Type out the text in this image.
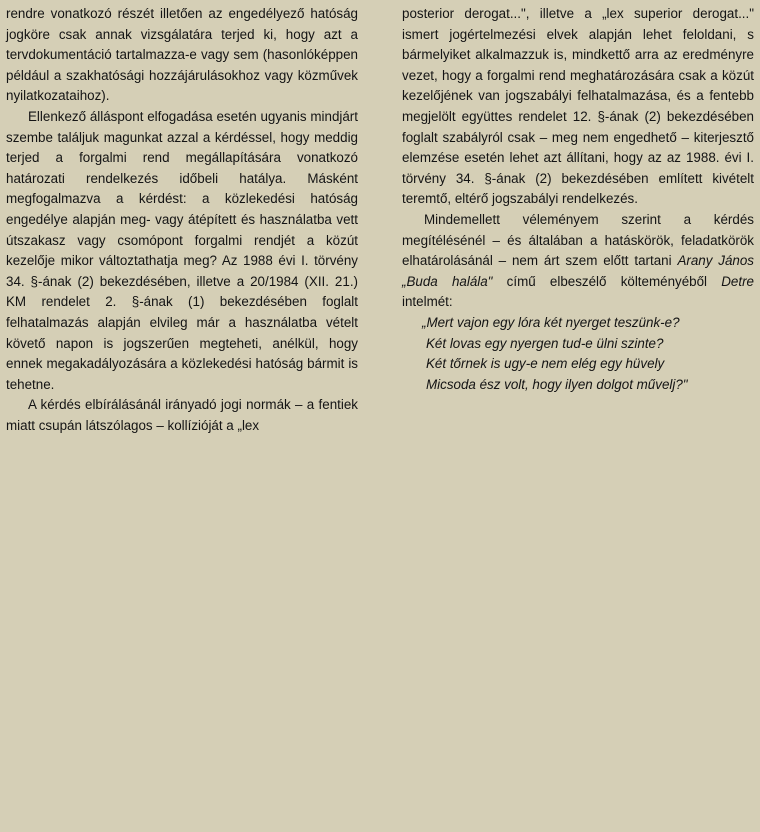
rendre vonatkozó részét illetően az engedélyező hatóság jogköre csak annak vizsgálatára terjed ki, hogy azt a tervdokumentáció tartalmazza-e vagy sem (hasonlóképpen például a szakhatósági hozzájárulásokhoz vagy közművek nyilatkozataihoz).

Ellenkező álláspont elfogadása esetén ugyanis mindjárt szembe találjuk magunkat azzal a kérdéssel, hogy meddig terjed a forgalmi rend megállapítására vonatkozó határozati rendelkezés időbeli hatálya. Másként megfogalmazva a kérdést: a közlekedési hatóság engedélye alapján meg- vagy átépített és használatba vett útszakasz vagy csomópont forgalmi rendjét a közút kezelője mikor változtathatja meg? Az 1988 évi I. törvény 34. §-ának (2) bekezdésében, illetve a 20/1984 (XII. 21.) KM rendelet 2. §-ának (1) bekezdésében foglalt felhatalmazás alapján elvileg már a használatba vételt követő napon is jogszerűen megteheti, anélkül, hogy ennek megakadályozására a közlekedési hatóság bármit is tehetne.

A kérdés elbírálásánál irányadó jogi normák – a fentiek miatt csupán látszólagos – kollízióját a „lex

posterior derogat...", illetve a „lex superior derogat..." ismert jogértelmezési elvek alapján lehet feloldani, s bármelyiket alkalmazzuk is, mindkettő arra az eredményre vezet, hogy a forgalmi rend meghatározására csak a közút kezelőjének van jogszabályi felhatalmazása, és a fentebb megjelölt együttes rendelet 12. §-ának (2) bekezdésében foglalt szabályról csak – meg nem engedhető – kiterjesztő elemzése esetén lehet azt állítani, hogy az az 1988. évi I. törvény 34. §-ának (2) bekezdésében említett kivételt teremtő, eltérő jogszabályi rendelkezés.

Mindemellett véleményem szerint a kérdés megítélésénél – és általában a hatáskörök, feladatkörök elhatárolásánál – nem árt szem előtt tartani Arany János „Buda halála" című elbeszélő költeményéből Detre intelmét:

„Mert vajon egy lóra két nyerget teszünk-e?
Két lovas egy nyergen tud-e ülni szinte?
Két tőrnek is ugy-e nem elég egy hüvely
Micsoda ész volt, hogy ilyen dolgot művelj?"
